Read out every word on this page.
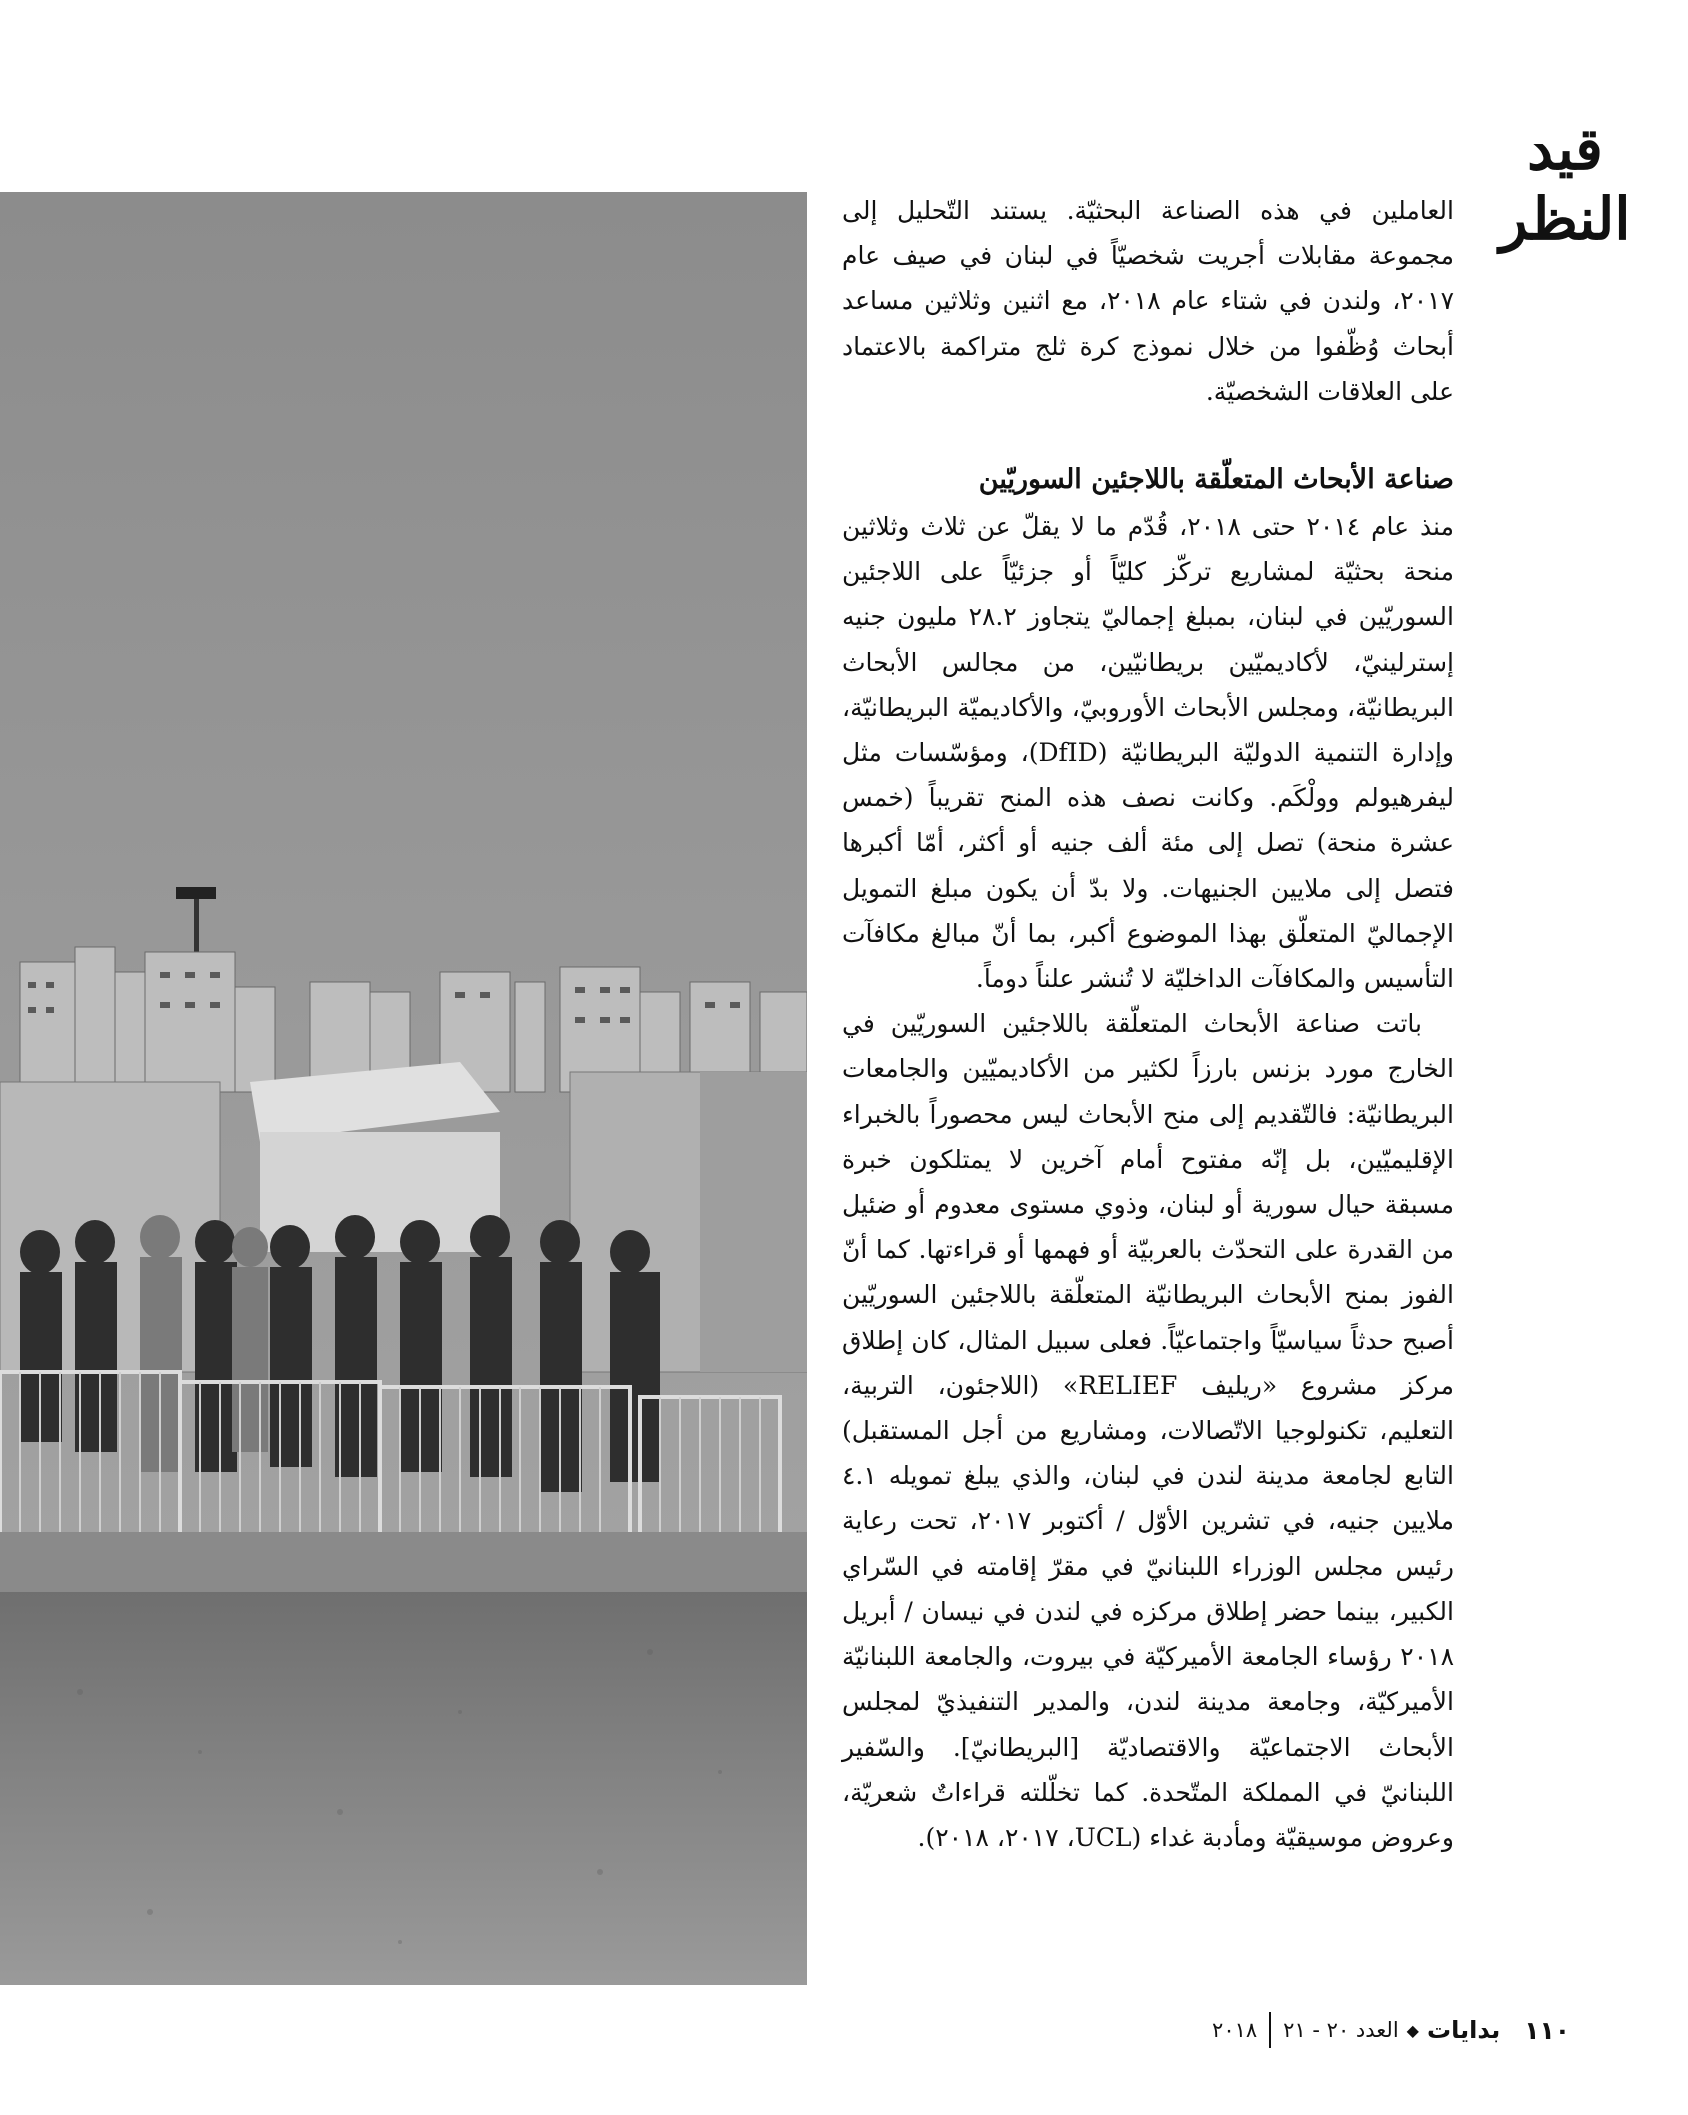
قيد النظر

العاملين في هذه الصناعة البحثيّة. يستند التّحليل إلى مجموعة مقابلات أجريت شخصيّاً في لبنان في صيف عام ٢٠١٧، ولندن في شتاء عام ٢٠١٨، مع اثنين وثلاثين مساعد أبحاث وُظّفوا من خلال نموذج كرة ثلج متراكمة بالاعتماد على العلاقات الشخصيّة.

صناعة الأبحاث المتعلّقة باللاجئين السوريّين

منذ عام ٢٠١٤ حتى ٢٠١٨، قُدّم ما لا يقلّ عن ثلاث وثلاثين منحة بحثيّة لمشاريع تركّز كليّاً أو جزئيّاً على اللاجئين السوريّين في لبنان، بمبلغ إجماليّ يتجاوز ٢٨.٢ مليون جنيه إسترلينيّ، لأكاديميّين بريطانيّين، من مجالس الأبحاث البريطانيّة، ومجلس الأبحاث الأوروبيّ، والأكاديميّة البريطانيّة، وإدارة التنمية الدوليّة البريطانيّة (DfID)، ومؤسّسات مثل ليفرهيولم وولْكَم. وكانت نصف هذه المنح تقريباً (خمس عشرة منحة) تصل إلى مئة ألف جنيه أو أكثر، أمّا أكبرها فتصل إلى ملايين الجنيهات. ولا بدّ أن يكون مبلغ التمويل الإجماليّ المتعلّق بهذا الموضوع أكبر، بما أنّ مبالغ مكافآت التأسيس والمكافآت الداخليّة لا تُنشر علناً دوماً.

باتت صناعة الأبحاث المتعلّقة باللاجئين السوريّين في الخارج مورد بزنس بارزاً لكثير من الأكاديميّين والجامعات البريطانيّة: فالتّقديم إلى منح الأبحاث ليس محصوراً بالخبراء الإقليميّين، بل إنّه مفتوح أمام آخرين لا يمتلكون خبرة مسبقة حيال سورية أو لبنان، وذوي مستوى معدوم أو ضئيل من القدرة على التحدّث بالعربيّة أو فهمها أو قراءتها. كما أنّ الفوز بمنح الأبحاث البريطانيّة المتعلّقة باللاجئين السوريّين أصبح حدثاً سياسيّاً واجتماعيّاً. فعلى سبيل المثال، كان إطلاق مركز مشروع «ريليف RELIEF» (اللاجئون، التربية، التعليم، تكنولوجيا الاتّصالات، ومشاريع من أجل المستقبل) التابع لجامعة مدينة لندن في لبنان، والذي يبلغ تمويله ٤.١ ملايين جنيه، في تشرين الأوّل / أكتوبر ٢٠١٧، تحت رعاية رئيس مجلس الوزراء اللبنانيّ في مقرّ إقامته في السّراي الكبير، بينما حضر إطلاق مركزه في لندن في نيسان / أبريل ٢٠١٨ رؤساء الجامعة الأميركيّة في بيروت، والجامعة اللبنانيّة الأميركيّة، وجامعة مدينة لندن، والمدير التنفيذيّ لمجلس الأبحاث الاجتماعيّة والاقتصاديّة [البريطانيّ]. والسّفير اللبنانيّ في المملكة المتّحدة. كما تخلّلته قراءاتٌ شعريّة، وعروض موسيقيّة ومأدبة غداء (UCL، ٢٠١٧، ٢٠١٨).

١١٠
بدايات
◆
العدد ٢٠ - ٢١
٢٠١٨
